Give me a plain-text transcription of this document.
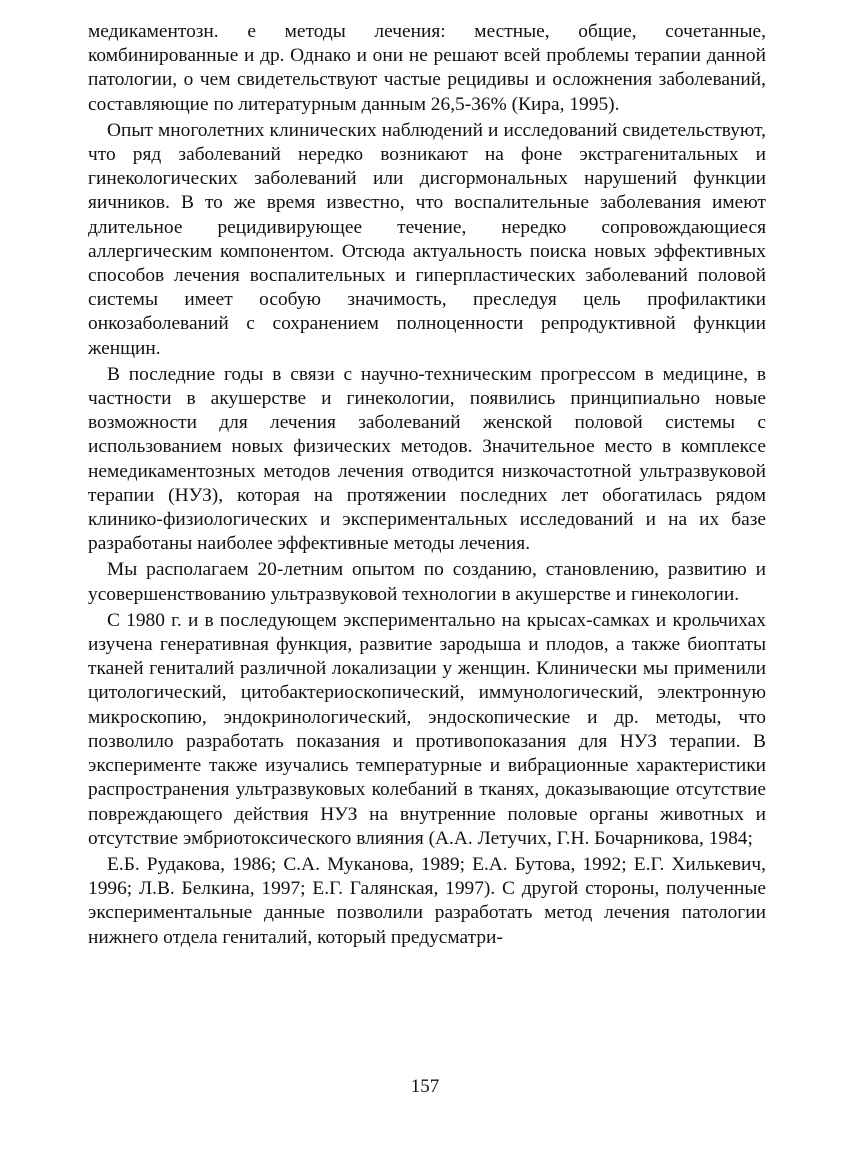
медикаментозн. е методы лечения: местные, общие, сочетанные, комбинированные и др. Однако и они не решают всей проблемы терапии данной патологии, о чем свидетельствуют частые рецидивы и осложнения заболеваний, составляющие по литературным данным 26,5-36% (Кира, 1995).

Опыт многолетних клинических наблюдений и исследований свидетельствуют, что ряд заболеваний нередко возникают на фоне экстрагенитальных и гинекологических заболеваний или дисгормональных нарушений функции яичников. В то же время известно, что воспалительные заболевания имеют длительное рецидивирующее течение, нередко сопровождающиеся аллергическим компонентом. Отсюда актуальность поиска новых эффективных способов лечения воспалительных и гиперпластических заболеваний половой системы имеет особую значимость, преследуя цель профилактики онкозаболеваний с сохранением полноценности репродуктивной функции женщин.

В последние годы в связи с научно-техническим прогрессом в медицине, в частности в акушерстве и гинекологии, появились принципиально новые возможности для лечения заболеваний женской половой системы с использованием новых физических методов. Значительное место в комплексе немедикаментозных методов лечения отводится низкочастотной ультразвуковой терапии (НУЗ), которая на протяжении последних лет обогатилась рядом клинико-физиологических и экспериментальных исследований и на их базе разработаны наиболее эффективные методы лечения.

Мы располагаем 20-летним опытом по созданию, становлению, развитию и усовершенствованию ультразвуковой технологии в акушерстве и гинекологии.

С 1980 г. и в последующем экспериментально на крысах-самках и крольчихах изучена генеративная функция, развитие зародыша и плодов, а также биоптаты тканей гениталий различной локализации у женщин. Клинически мы применили цитологический, цитобактериоскопический, иммунологический, электронную микроскопию, эндокринологический, эндоскопические и др. методы, что позволило разработать показания и противопоказания для НУЗ терапии. В эксперименте также изучались температурные и вибрационные характеристики распространения ультразвуковых колебаний в тканях, доказывающие отсутствие повреждающего действия НУЗ на внутренние половые органы животных и отсутствие эмбриотоксического влияния (А.А. Летучих, Г.Н. Бочарникова, 1984;

Е.Б. Рудакова, 1986; С.А. Муканова, 1989; Е.А. Бутова, 1992; Е.Г. Хилькевич, 1996; Л.В. Белкина, 1997; Е.Г. Галянская, 1997). С другой стороны, полученные экспериментальные данные позволили разработать метод лечения патологии нижнего отдела гениталий, который предусматри-

157
